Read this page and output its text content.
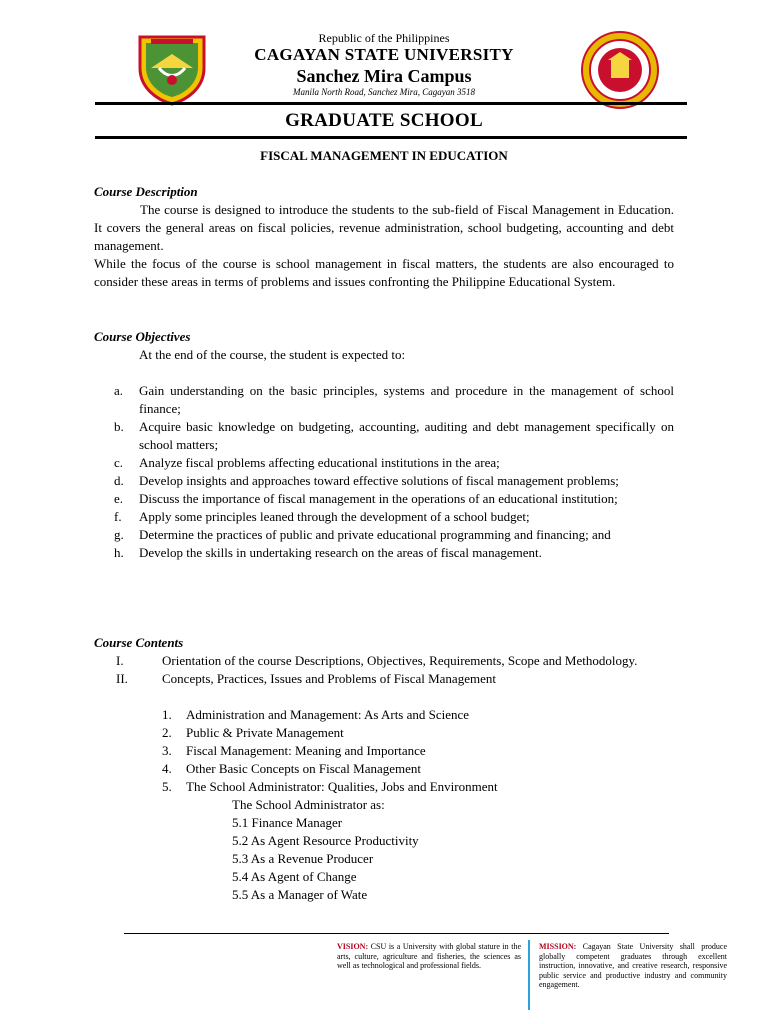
Republic of the Philippines
CAGAYAN STATE UNIVERSITY
Sanchez Mira Campus
Manila North Road, Sanchez Mira, Cagayan 3518
GRADUATE SCHOOL
FISCAL MANAGEMENT IN EDUCATION
Course Description
The course is designed to introduce the students to the sub-field of Fiscal Management in Education. It covers the general areas on fiscal policies, revenue administration, school budgeting, accounting and debt management.
While the focus of the course is school management in fiscal matters, the students are also encouraged to consider these areas in terms of problems and issues confronting the Philippine Educational System.
Course Objectives
At the end of the course, the student is expected to:
a.	Gain understanding on the basic principles, systems and procedure in the management of school finance;
b.	Acquire basic knowledge on budgeting, accounting, auditing and debt management specifically on school matters;
c.	Analyze fiscal problems affecting educational institutions in the area;
d.	Develop insights and approaches toward effective solutions of fiscal management problems;
e.	Discuss the importance of fiscal management in the operations of an educational institution;
f.	Apply some principles leaned through the development of a school budget;
g.	Determine the practices of public and private educational programming and financing; and
h.	Develop the skills in undertaking research on the areas of fiscal management.
Course Contents
I.	Orientation of the course Descriptions, Objectives, Requirements, Scope and Methodology.
II.	Concepts, Practices, Issues and Problems of Fiscal Management
1.	Administration and Management: As Arts and Science
2.	Public & Private Management
3.	Fiscal Management: Meaning and Importance
4.	Other Basic Concepts on Fiscal Management
5.	The School Administrator: Qualities, Jobs and Environment
The School Administrator as:
5.1 Finance Manager
5.2 As Agent Resource Productivity
5.3 As a Revenue Producer
5.4 As Agent of Change
5.5 As a Manager of Wate
VISION: CSU is a University with global stature in the arts, culture, agriculture and fisheries, the sciences as well as technological and professional fields.
MISSION: Cagayan State University shall produce globally competent graduates through excellent instruction, innovative, and creative research, responsive public service and productive industry and community engagement.
